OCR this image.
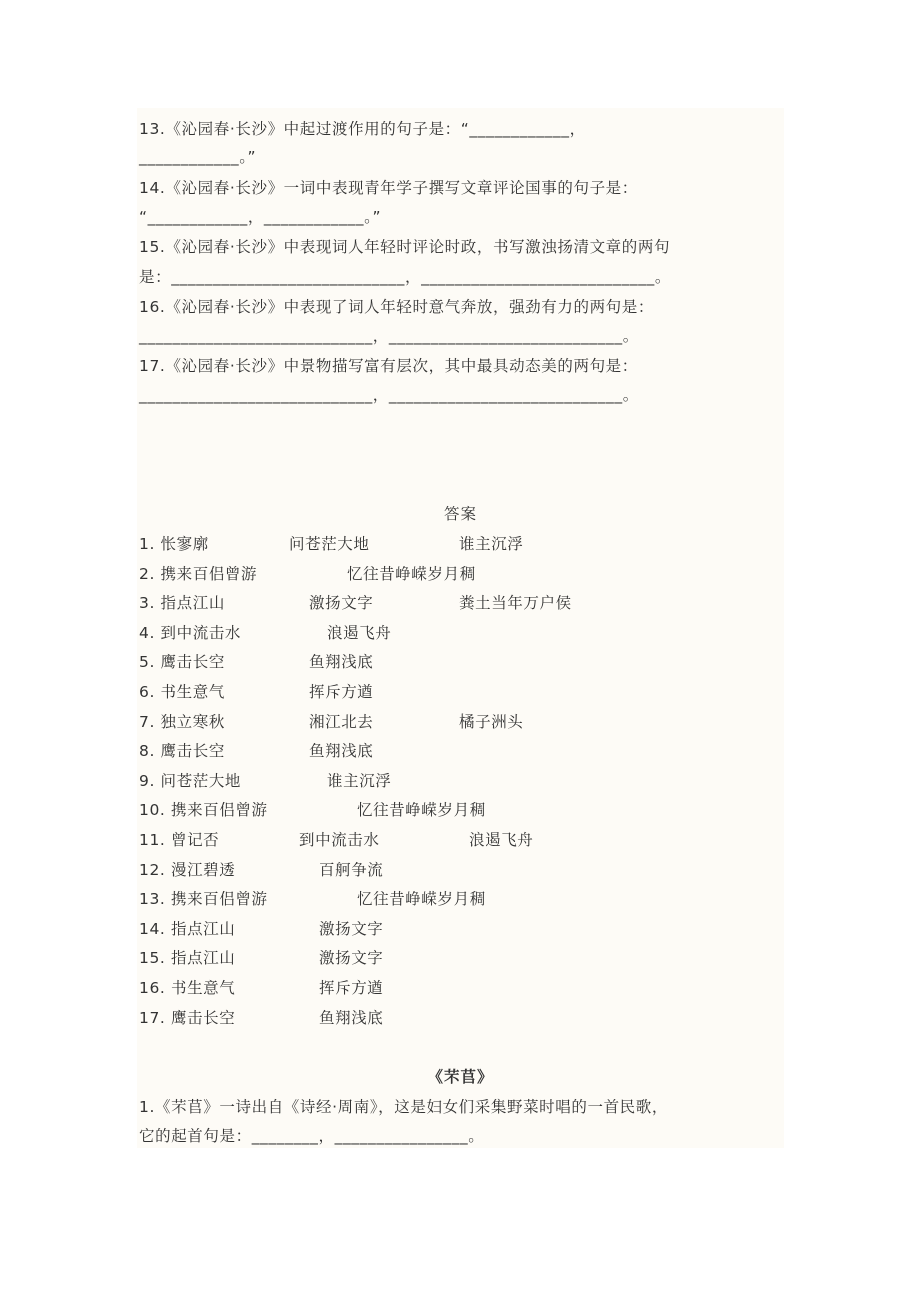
13.《沁园春·长沙》中起过渡作用的句子是：“____________，
____________。”
14.《沁园春·长沙》一词中表现青年学子撰写文章评论国事的句子是：
“____________，____________。”
15.《沁园春·长沙》中表现词人年轻时评论时政，书写激浊扬清文章的两句
是：____________________________，____________________________。
16.《沁园春·长沙》中表现了词人年轻时意气奔放，强劲有力的两句是：
____________________________，____________________________。
17.《沁园春·长沙》中景物描写富有层次，其中最具动态美的两句是：
____________________________，____________________________。
答案
1. 怅寥廓	问苍茫大地	谁主沉浮
2. 携来百侣曾游	忆往昔峥嵘岁月稠
3. 指点江山	激扬文字	粪土当年万户侯
4. 到中流击水	浪遏飞舟
5. 鹰击长空	鱼翔浅底
6. 书生意气	挥斥方遒
7. 独立寒秋	湘江北去	橘子洲头
8. 鹰击长空	鱼翔浅底
9. 问苍茫大地	谁主沉浮
10. 携来百侣曾游	忆往昔峥嵘岁月稠
11. 曾记否	到中流击水	浪遏飞舟
12. 漫江碧透	百舸争流
13. 携来百侣曾游	忆往昔峥嵘岁月稠
14. 指点江山	激扬文字
15. 指点江山	激扬文字
16. 书生意气	挥斥方遒
17. 鹰击长空	鱼翔浅底
《芣苢》
1.《芣苢》一诗出自《诗经·周南》，这是妇女们采集野菜时唱的一首民歌，
它的起首句是：________，________________。
